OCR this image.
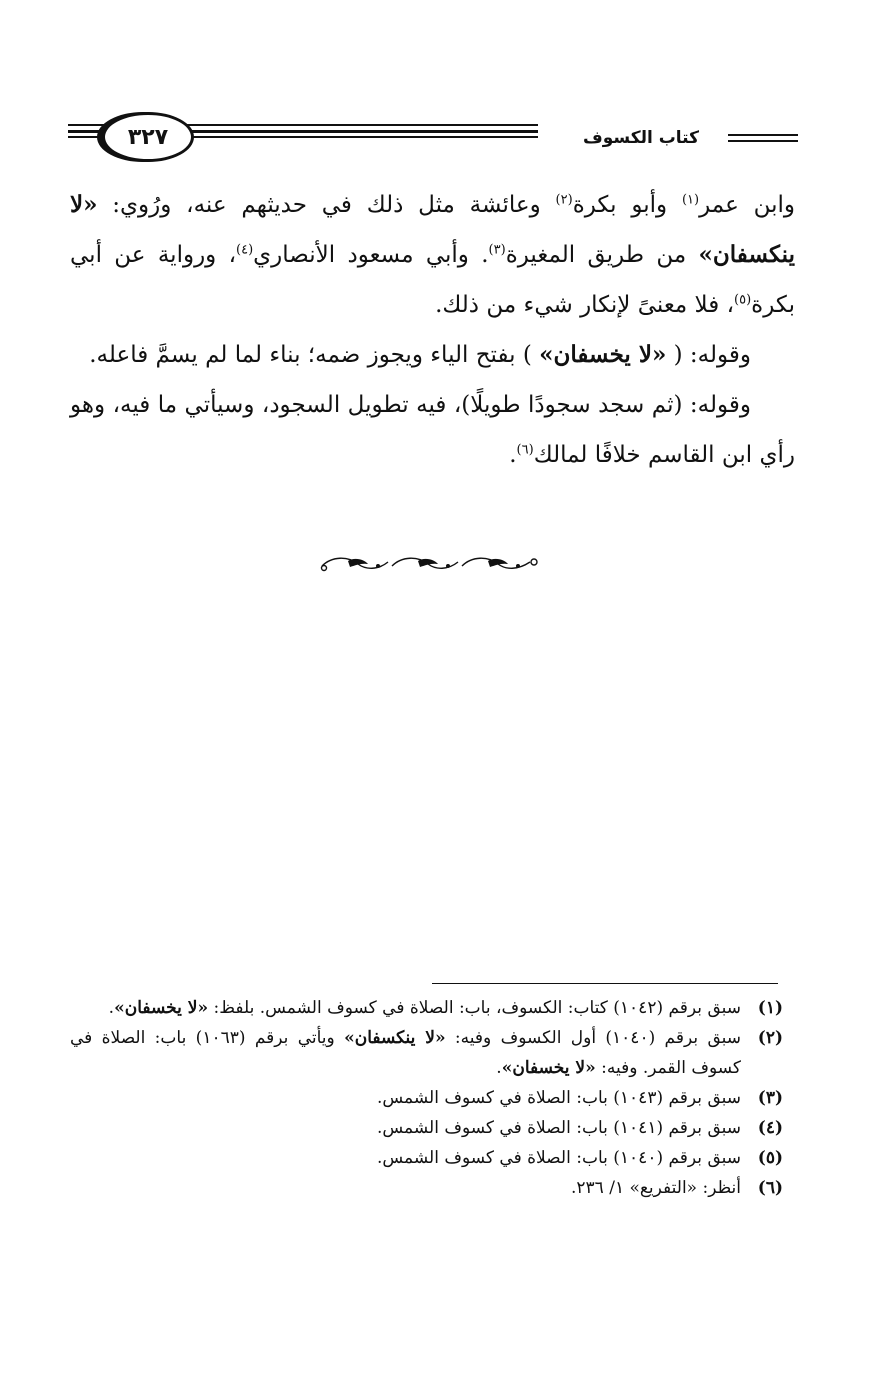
٣٢٧	كتاب الكسوف

وابن عمر$^{(١)}$ وأبو بكرة$^{(٢)}$ وعائشة مثل ذلك في حديثهم عنه، ورُوي: «لا ينكسفان» من طريق المغيرة$^{(٣)}$. وأبي مسعود الأنصاري$^{(٤)}$، ورواية عن أبي بكرة$^{(٥)}$، فلا معنىً لإنكار شيء من ذلك.

وقوله: ( «لا يخسفان» ) بفتح الياء ويجوز ضمه؛ بناء لما لم يسمَّ فاعله.

وقوله: (ثم سجد سجودًا طويلًا)، فيه تطويل السجود، وسيأتي ما فيه، وهو رأي ابن القاسم خلافًا لمالك$^{(٦)}$.

(١)
سبق برقم (١٠٤٢) كتاب: الكسوف، باب: الصلاة في كسوف الشمس. بلفظ: «لا يخسفان».
(٢)
سبق برقم (١٠٤٠) أول الكسوف وفيه: «لا ينكسفان» ويأتي برقم (١٠٦٣) باب: الصلاة في كسوف القمر. وفيه: «لا يخسفان».
(٣)
سبق برقم (١٠٤٣) باب: الصلاة في كسوف الشمس.
(٤)
سبق برقم (١٠٤١) باب: الصلاة في كسوف الشمس.
(٥)
سبق برقم (١٠٤٠) باب: الصلاة في كسوف الشمس.
(٦)
أنظر: «التفريع» ١/ ٢٣٦.
